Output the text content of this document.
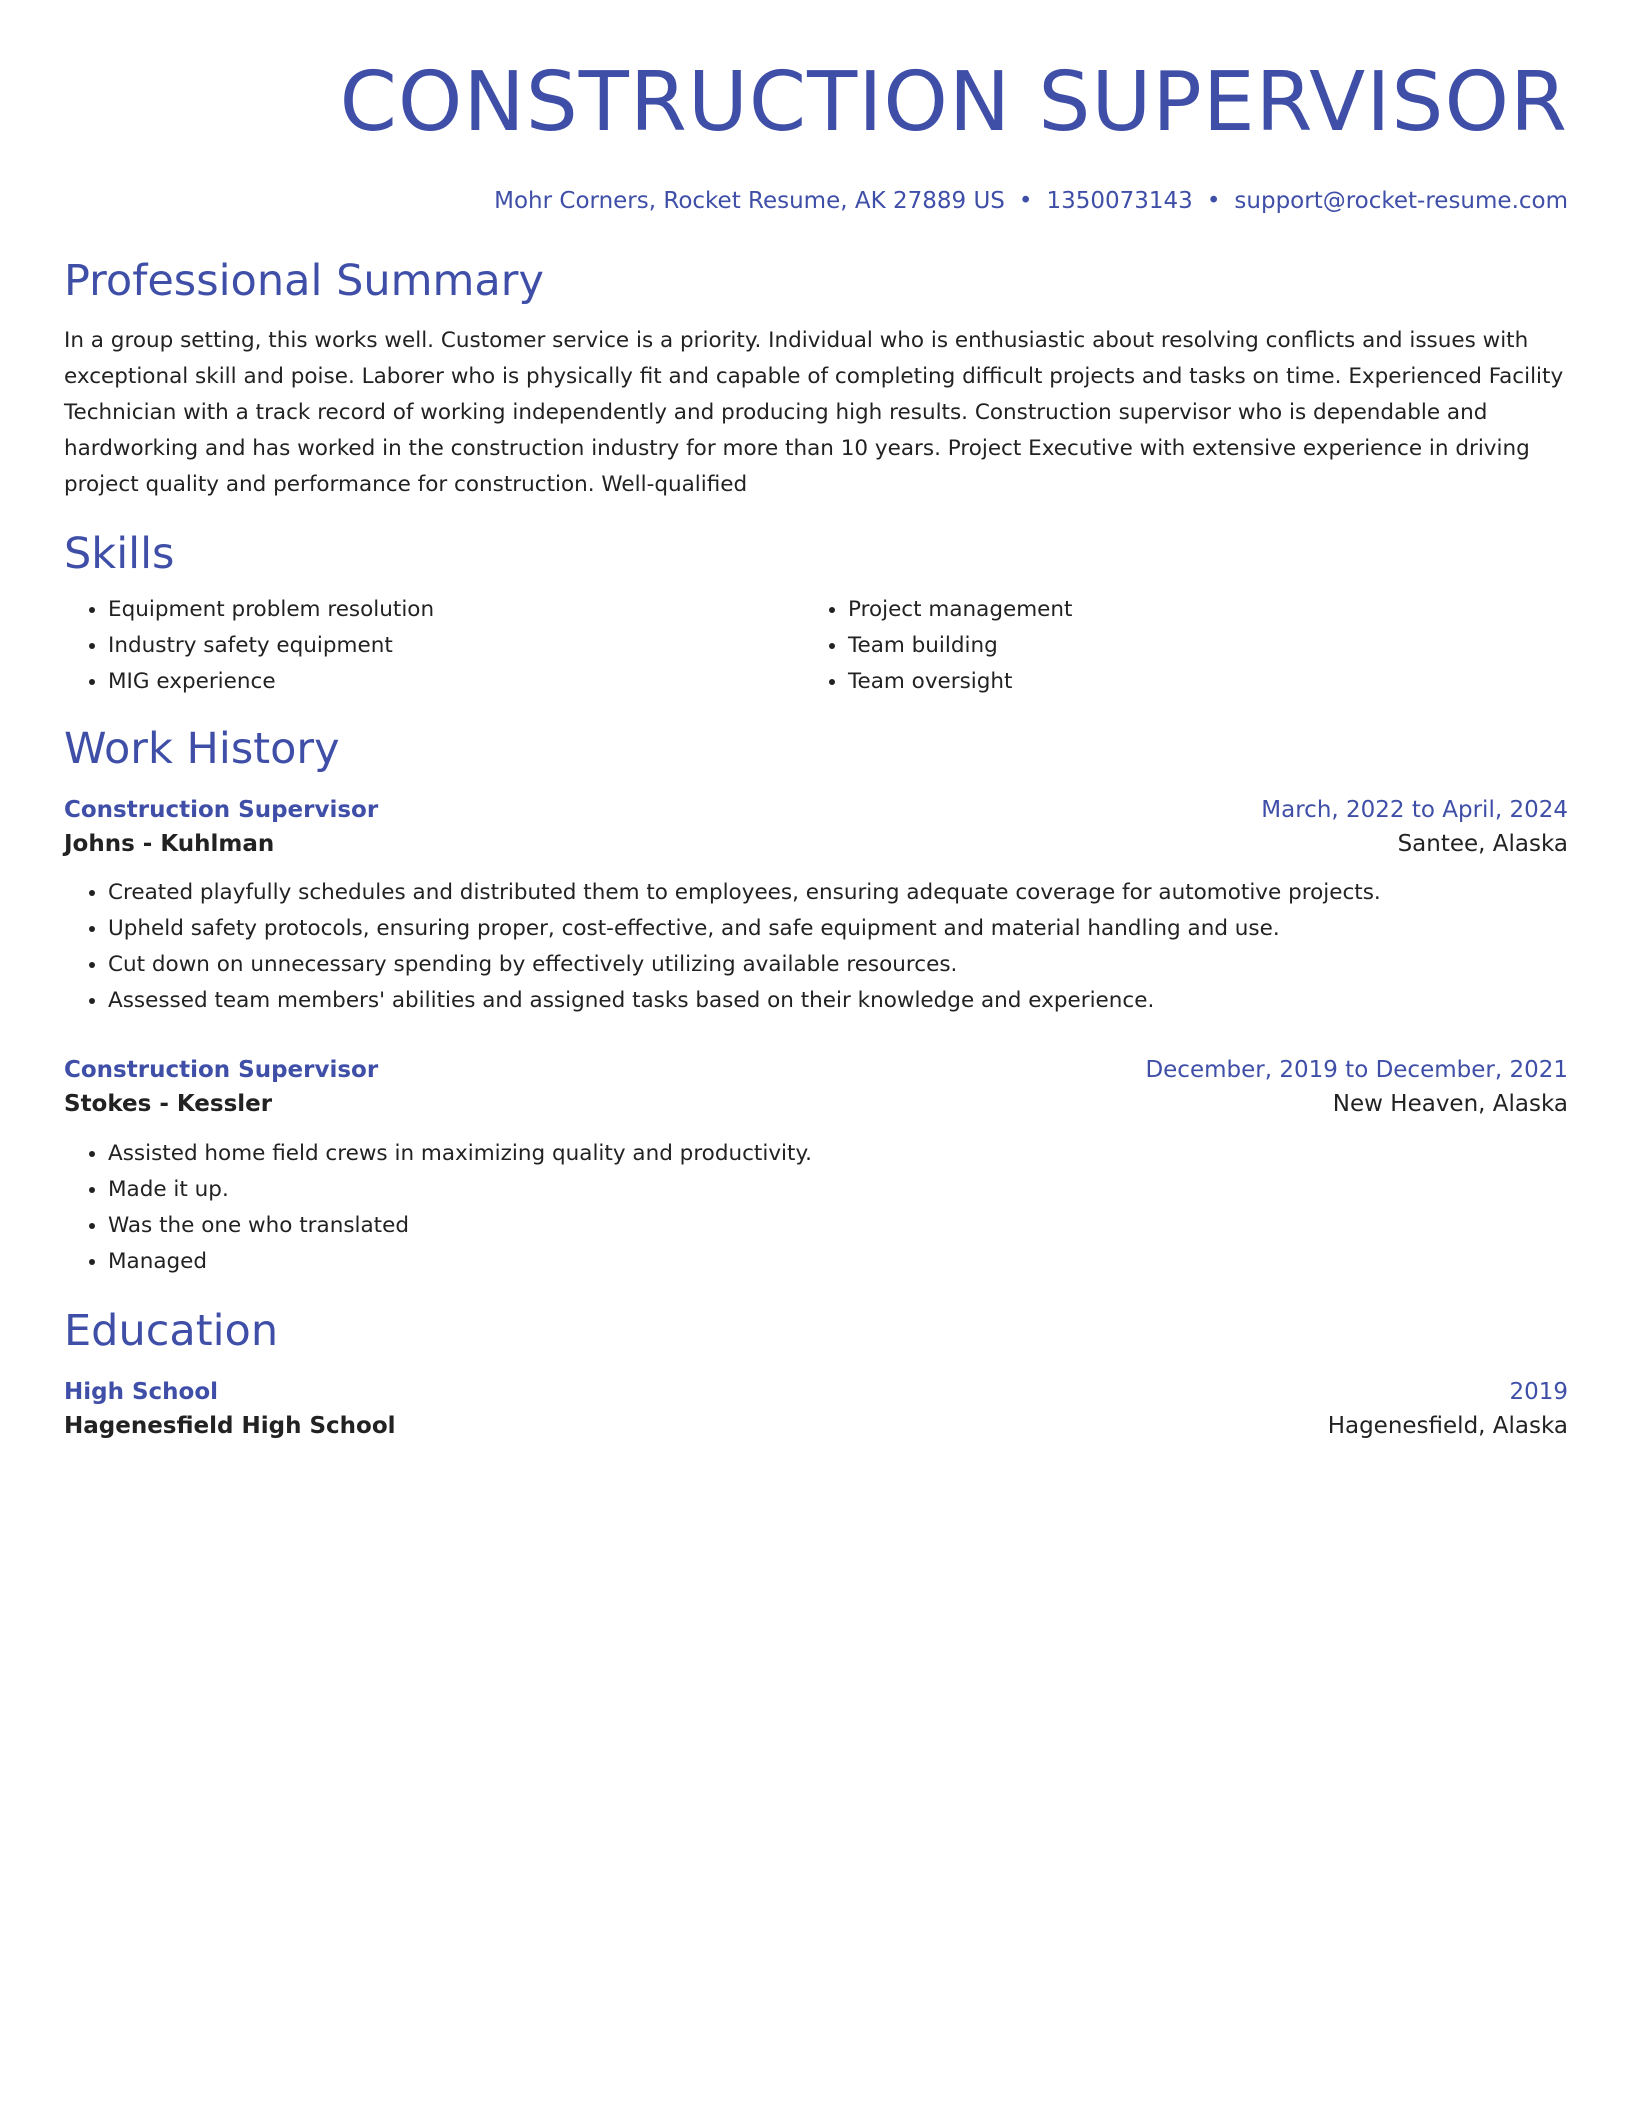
CONSTRUCTION SUPERVISOR
Mohr Corners, Rocket Resume, AK 27889 US • 1350073143 • support@rocket-resume.com
Professional Summary
In a group setting, this works well. Customer service is a priority. Individual who is enthusiastic about resolving conflicts and issues with exceptional skill and poise. Laborer who is physically fit and capable of completing difficult projects and tasks on time. Experienced Facility Technician with a track record of working independently and producing high results. Construction supervisor who is dependable and hardworking and has worked in the construction industry for more than 10 years. Project Executive with extensive experience in driving project quality and performance for construction. Well-qualified
Skills
• Equipment problem resolution
• Industry safety equipment
• MIG experience
• Project management
• Team building
• Team oversight
Work History
Construction Supervisor	March, 2022 to April, 2024
Johns - Kuhlman	Santee, Alaska
• Created playfully schedules and distributed them to employees, ensuring adequate coverage for automotive projects.
• Upheld safety protocols, ensuring proper, cost-effective, and safe equipment and material handling and use.
• Cut down on unnecessary spending by effectively utilizing available resources.
• Assessed team members' abilities and assigned tasks based on their knowledge and experience.
Construction Supervisor	December, 2019 to December, 2021
Stokes - Kessler	New Heaven, Alaska
• Assisted home field crews in maximizing quality and productivity.
• Made it up.
• Was the one who translated
• Managed
Education
High School	2019
Hagenesfield High School	Hagenesfield, Alaska
